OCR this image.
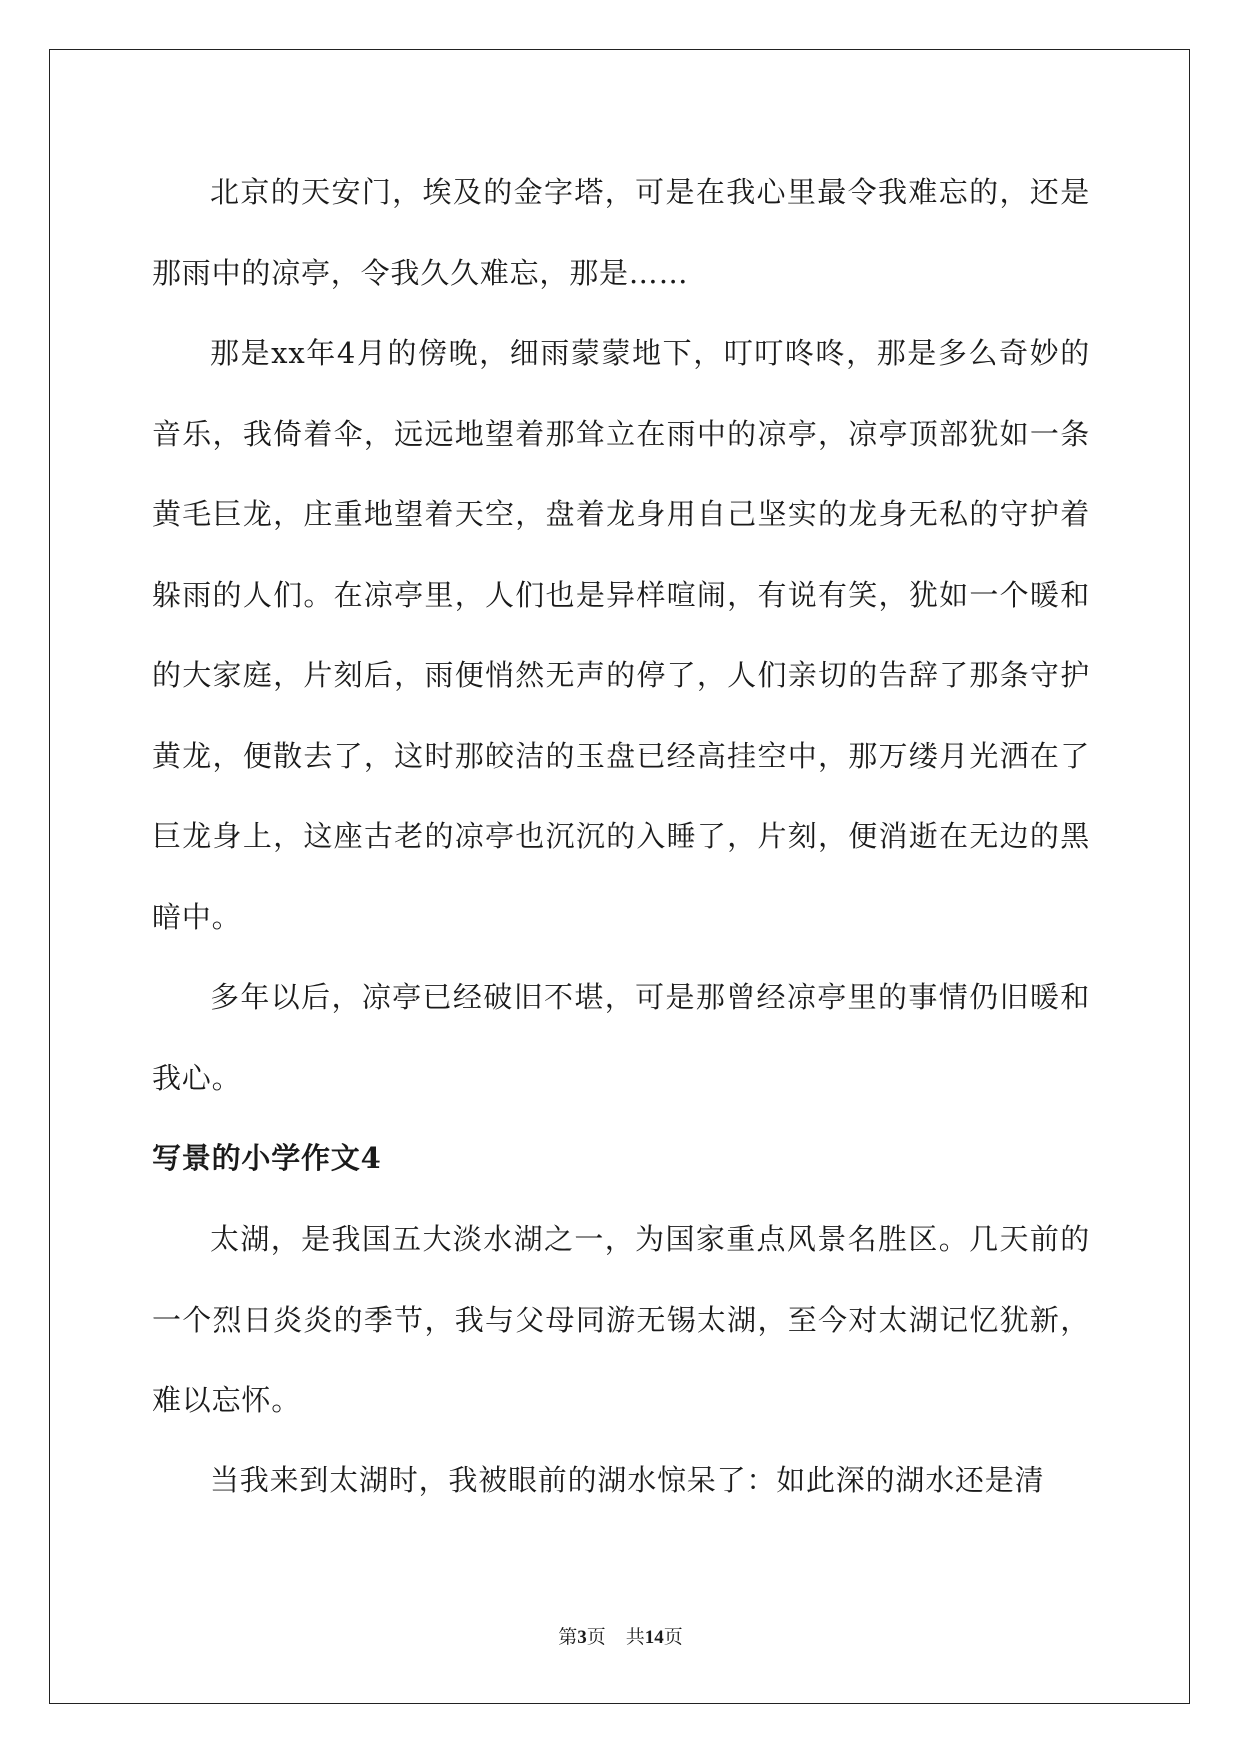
北京的天安门，埃及的金字塔，可是在我心里最令我难忘的，还是那雨中的凉亭，令我久久难忘，那是……

那是xx年4月的傍晚，细雨蒙蒙地下，叮叮咚咚，那是多么奇妙的音乐，我倚着伞，远远地望着那耸立在雨中的凉亭，凉亭顶部犹如一条黄毛巨龙，庄重地望着天空，盘着龙身用自己坚实的龙身无私的守护着躲雨的人们。在凉亭里，人们也是异样喧闹，有说有笑，犹如一个暖和的大家庭，片刻后，雨便悄然无声的停了，人们亲切的告辞了那条守护黄龙，便散去了，这时那皎洁的玉盘已经高挂空中，那万缕月光洒在了巨龙身上，这座古老的凉亭也沉沉的入睡了，片刻，便消逝在无边的黑暗中。

多年以后，凉亭已经破旧不堪，可是那曾经凉亭里的事情仍旧暖和我心。

写景的小学作文4

太湖，是我国五大淡水湖之一，为国家重点风景名胜区。几天前的一个烈日炎炎的季节，我与父母同游无锡太湖，至今对太湖记忆犹新，难以忘怀。

当我来到太湖时，我被眼前的湖水惊呆了：如此深的湖水还是清

第3页 共14页
